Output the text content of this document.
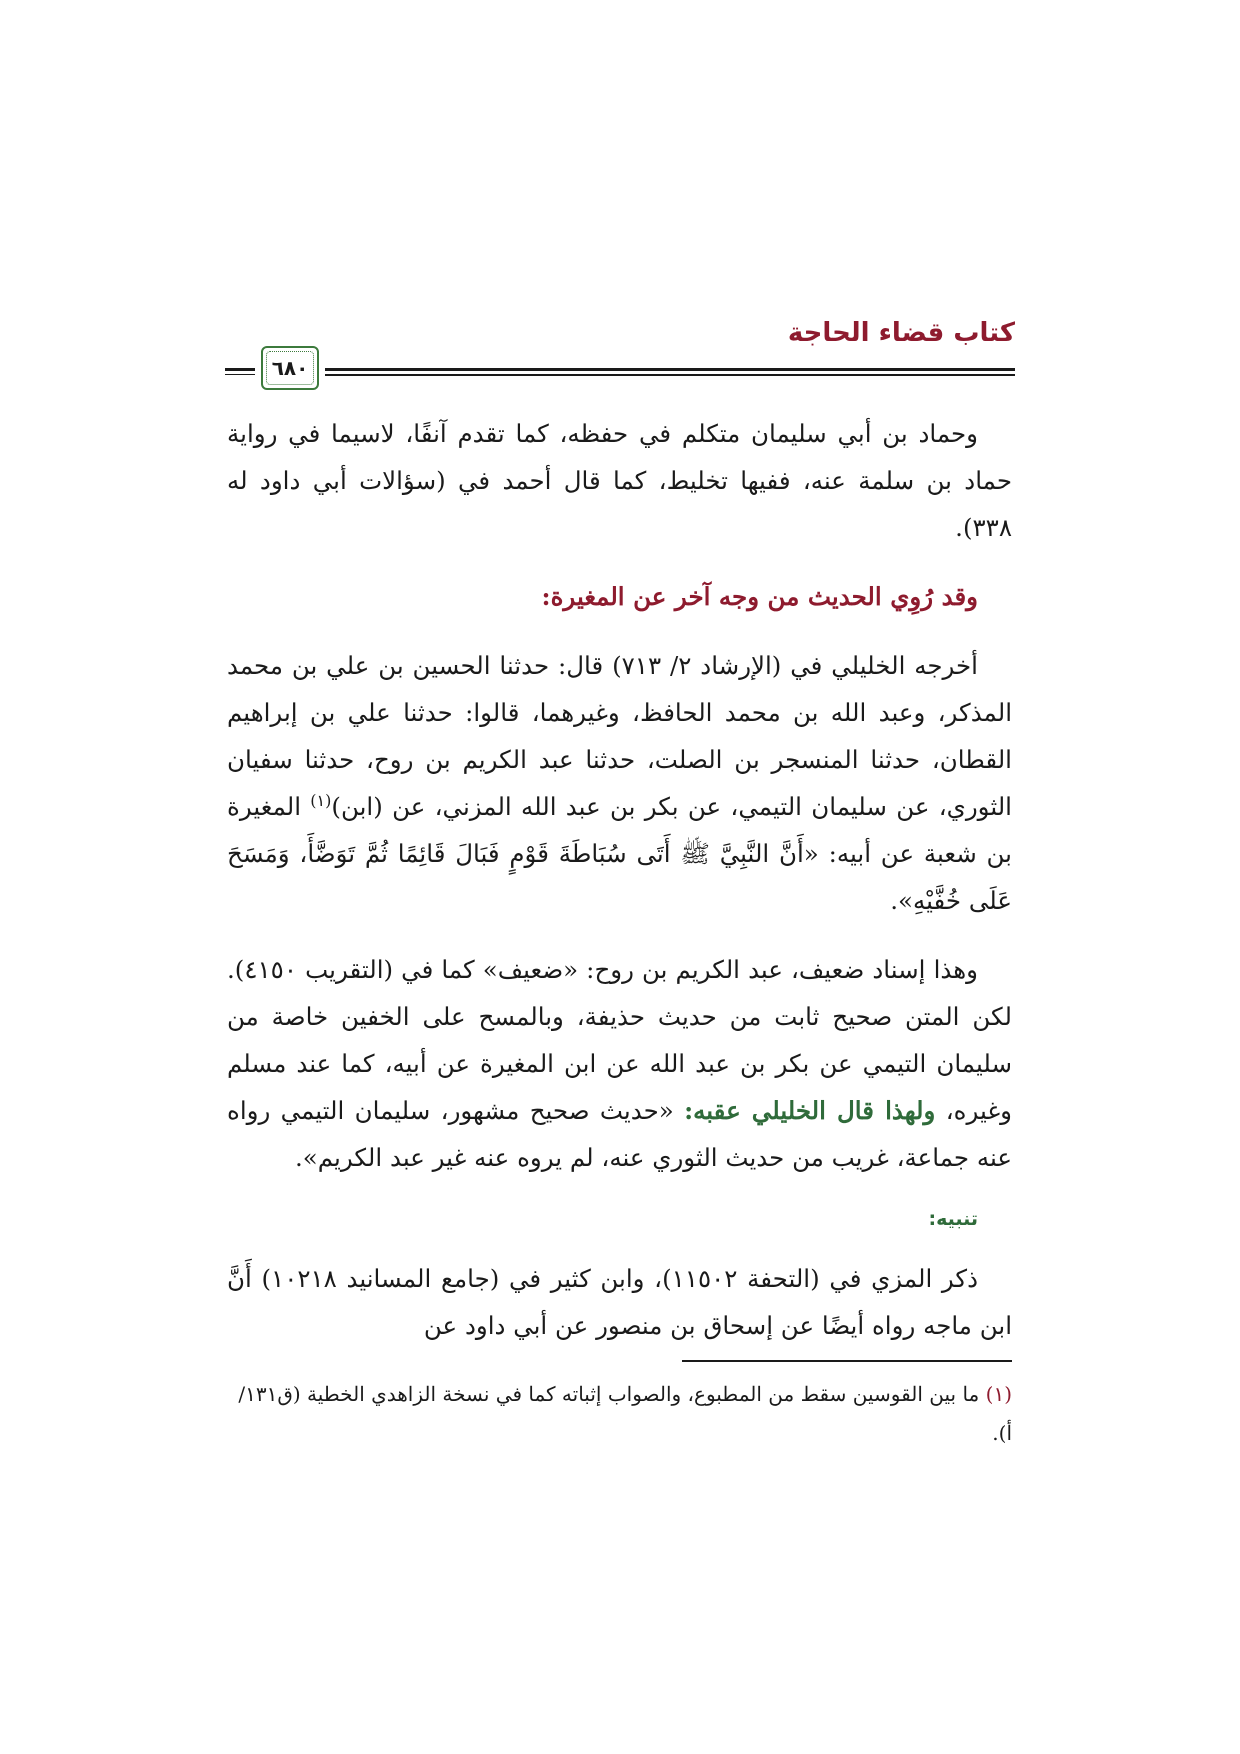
كتاب قضاء الحاجة
٦٨٠

وحماد بن أبي سليمان متكلم في حفظه، كما تقدم آنفًا، لاسيما في رواية حماد بن سلمة عنه، ففيها تخليط، كما قال أحمد في (سؤالات أبي داود له ٣٣٨).

وقد رُوِي الحديث من وجه آخر عن المغيرة:

أخرجه الخليلي في (الإرشاد ٢/ ٧١٣) قال: حدثنا الحسين بن علي بن محمد المذكر، وعبد الله بن محمد الحافظ، وغيرهما، قالوا: حدثنا علي بن إبراهيم القطان، حدثنا المنسجر بن الصلت، حدثنا عبد الكريم بن روح، حدثنا سفيان الثوري، عن سليمان التيمي، عن بكر بن عبد الله المزني، عن (ابن)$^{(١)}$ المغيرة بن شعبة عن أبيه: «أَنَّ النَّبِيَّ ﷺ أَتَى سُبَاطَةَ قَوْمٍ فَبَالَ قَائِمًا ثُمَّ تَوَضَّأَ، وَمَسَحَ عَلَى خُفَّيْهِ».

وهذا إسناد ضعيف، عبد الكريم بن روح: «ضعيف» كما في (التقريب ٤١٥٠). لكن المتن صحيح ثابت من حديث حذيفة، وبالمسح على الخفين خاصة من سليمان التيمي عن بكر بن عبد الله عن ابن المغيرة عن أبيه، كما عند مسلم وغيره، ولهذا قال الخليلي عقبه: «حديث صحيح مشهور، سليمان التيمي رواه عنه جماعة، غريب من حديث الثوري عنه، لم يروه عنه غير عبد الكريم».

تنبيه:

ذكر المزي في (التحفة ١١٥٠٢)، وابن كثير في (جامع المسانيد ١٠٢١٨) أَنَّ ابن ماجه رواه أيضًا عن إسحاق بن منصور عن أبي داود عن

(١) ما بين القوسين سقط من المطبوع، والصواب إثباته كما في نسخة الزاهدي الخطية (ق١٣١/ أ).
